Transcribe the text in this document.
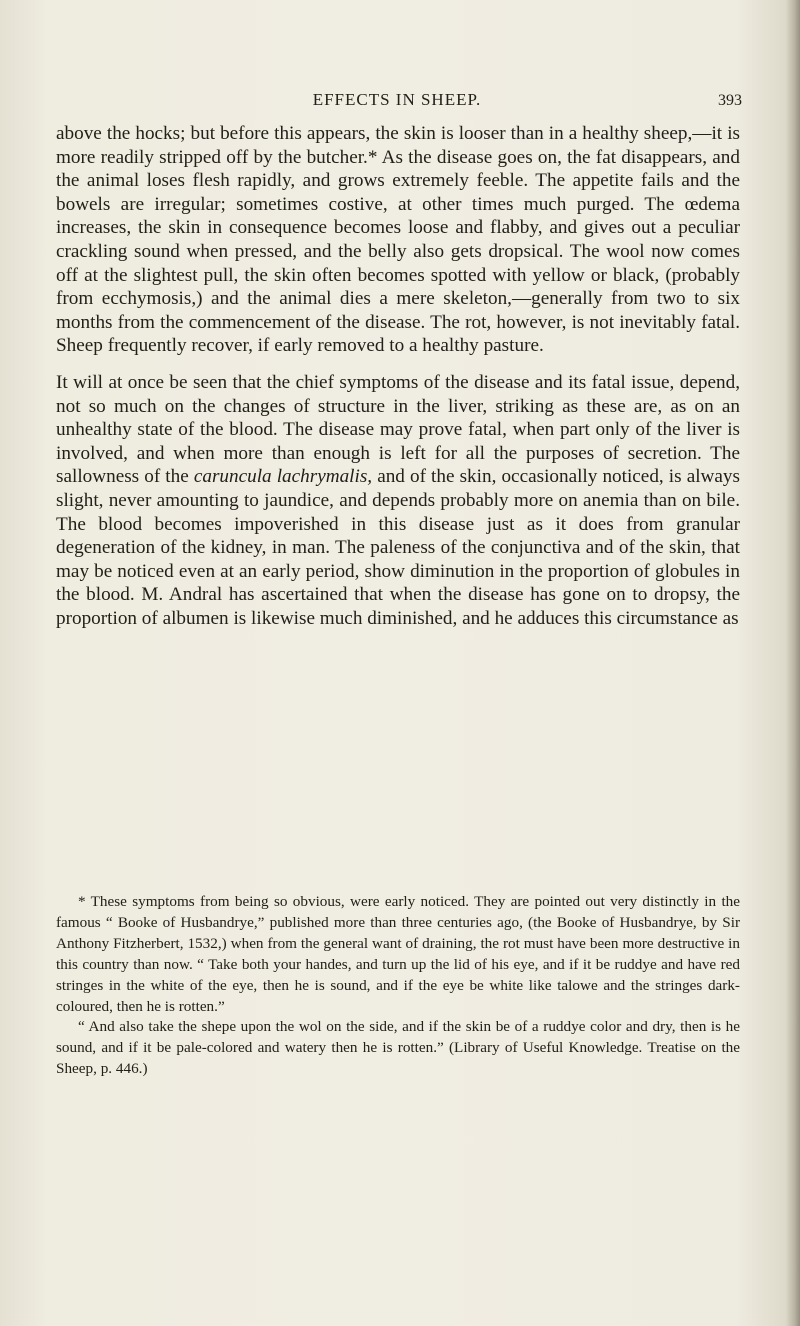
EFFECTS IN SHEEP.	393

above the hocks; but before this appears, the skin is looser than in a healthy sheep,—it is more readily stripped off by the butcher.* As the disease goes on, the fat disappears, and the animal loses flesh rapidly, and grows extremely feeble. The appetite fails and the bowels are irregular; sometimes costive, at other times much purged. The œdema increases, the skin in consequence becomes loose and flabby, and gives out a peculiar crackling sound when pressed, and the belly also gets dropsical. The wool now comes off at the slightest pull, the skin often becomes spotted with yellow or black, (probably from ecchymosis,) and the animal dies a mere skeleton,—generally from two to six months from the commencement of the disease. The rot, however, is not inevitably fatal. Sheep frequently recover, if early removed to a healthy pasture.

It will at once be seen that the chief symptoms of the disease and its fatal issue, depend, not so much on the changes of structure in the liver, striking as these are, as on an unhealthy state of the blood. The disease may prove fatal, when part only of the liver is involved, and when more than enough is left for all the purposes of secretion. The sallowness of the caruncula lachrymalis, and of the skin, occasionally noticed, is always slight, never amounting to jaundice, and depends probably more on anemia than on bile. The blood becomes impoverished in this disease just as it does from granular degeneration of the kidney, in man. The paleness of the conjunctiva and of the skin, that may be noticed even at an early period, show diminution in the proportion of globules in the blood. M. Andral has ascertained that when the disease has gone on to dropsy, the proportion of albumen is likewise much diminished, and he adduces this circumstance as

* These symptoms from being so obvious, were early noticed. They are pointed out very distinctly in the famous “ Booke of Husbandrye,” published more than three centuries ago, (the Booke of Husbandrye, by Sir Anthony Fitzherbert, 1532,) when from the general want of draining, the rot must have been more destructive in this country than now. “ Take both your handes, and turn up the lid of his eye, and if it be ruddye and have red stringes in the white of the eye, then he is sound, and if the eye be white like talowe and the stringes dark-coloured, then he is rotten.”

“ And also take the shepe upon the wol on the side, and if the skin be of a ruddye color and dry, then is he sound, and if it be pale-colored and watery then he is rotten.” (Library of Useful Knowledge. Treatise on the Sheep, p. 446.)
